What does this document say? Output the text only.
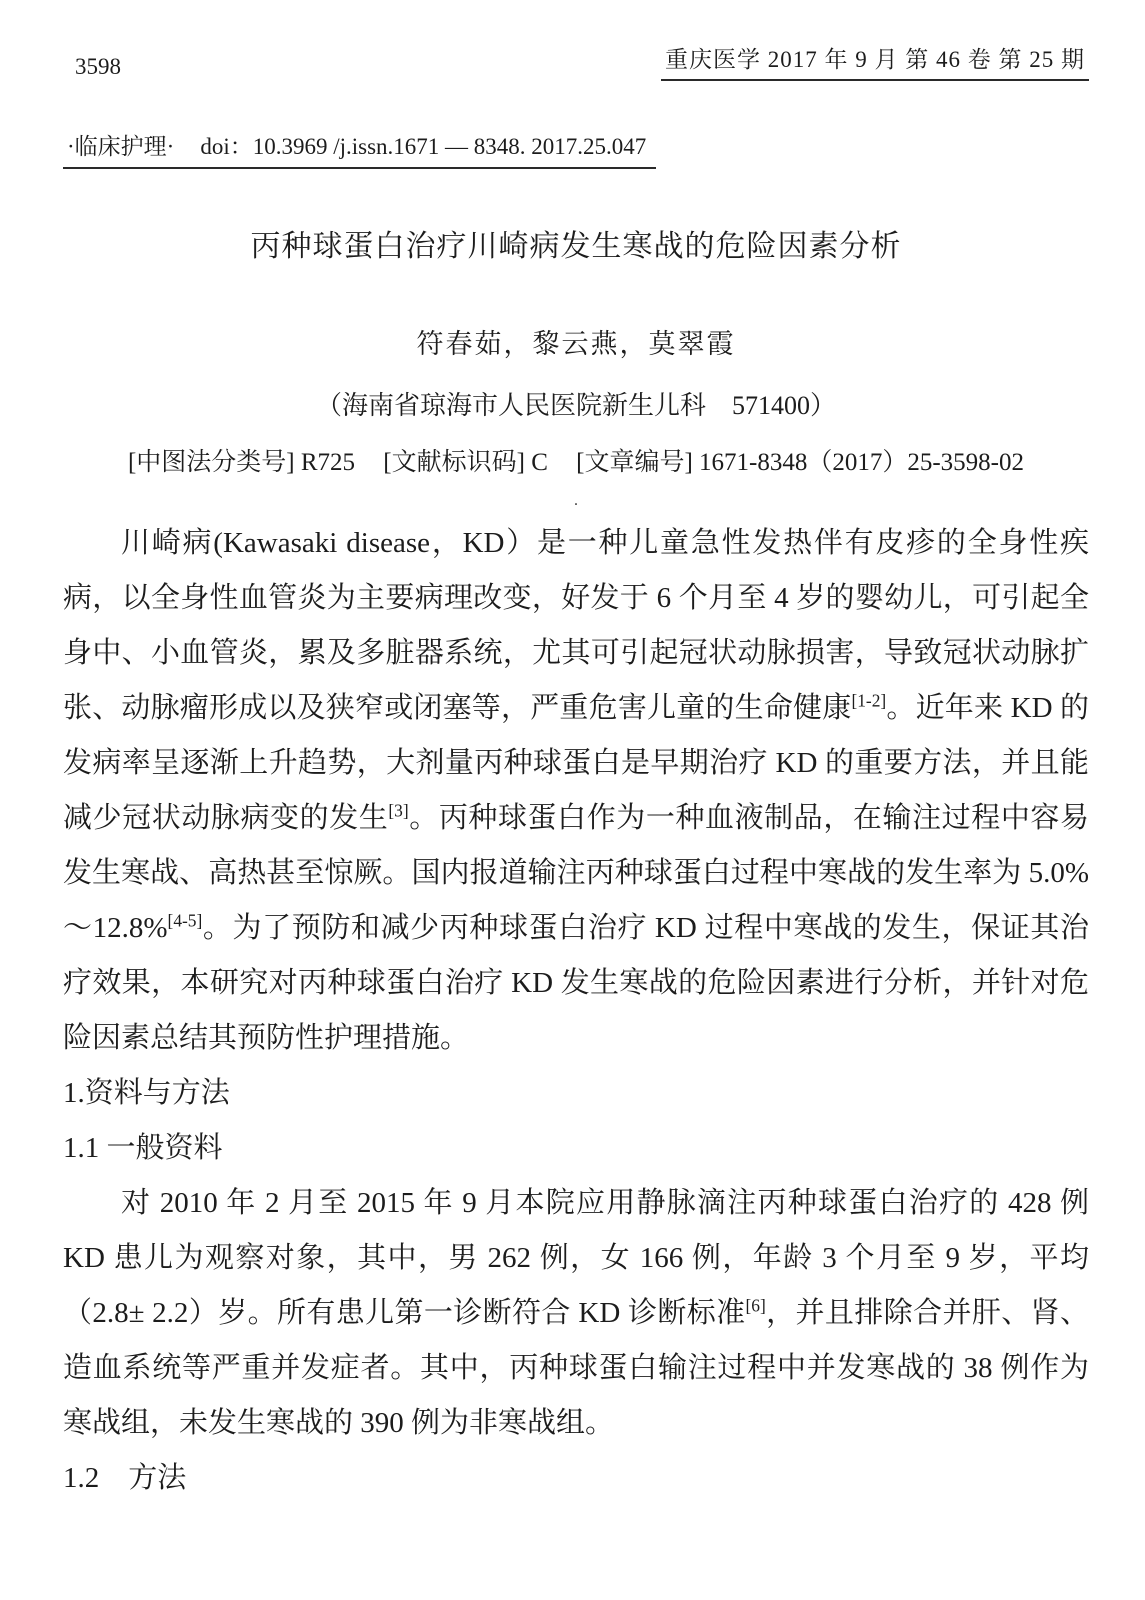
3598	重庆医学 2017 年 9 月 第 46 卷 第 25 期
·临床护理· doi：10.3969 /j.issn.1671 — 8348. 2017.25.047
丙种球蛋白治疗川崎病发生寒战的危险因素分析
符春茹，黎云燕，莫翠霞
（海南省琼海市人民医院新生儿科　571400）
[中图法分类号] R725 [文献标识码] C [文章编号] 1671-8348（2017）25-3598-02
.

川崎病(Kawasaki disease，KD）是一种儿童急性发热伴有皮疹的全身性疾病，以全身性血管炎为主要病理改变，好发于 6 个月至 4 岁的婴幼儿，可引起全身中、小血管炎，累及多脏器系统，尤其可引起冠状动脉损害，导致冠状动脉扩张、动脉瘤形成以及狭窄或闭塞等，严重危害儿童的生命健康[1-2]。近年来 KD 的发病率呈逐渐上升趋势，大剂量丙种球蛋白是早期治疗 KD 的重要方法，并且能减少冠状动脉病变的发生[3]。丙种球蛋白作为一种血液制品，在输注过程中容易发生寒战、高热甚至惊厥。国内报道输注丙种球蛋白过程中寒战的发生率为 5.0%～12.8%[4-5]。为了预防和减少丙种球蛋白治疗 KD 过程中寒战的发生，保证其治疗效果，本研究对丙种球蛋白治疗 KD 发生寒战的危险因素进行分析，并针对危险因素总结其预防性护理措施。

1.资料与方法

1.1 一般资料

对 2010 年 2 月至 2015 年 9 月本院应用静脉滴注丙种球蛋白治疗的 428 例 KD 患儿为观察对象，其中，男 262 例，女 166 例，年龄 3 个月至 9 岁，平均（2.8± 2.2）岁。所有患儿第一诊断符合 KD 诊断标准[6]，并且排除合并肝、肾、造血系统等严重并发症者。其中，丙种球蛋白输注过程中并发寒战的 38 例作为寒战组，未发生寒战的 390 例为非寒战组。

1.2　方法
